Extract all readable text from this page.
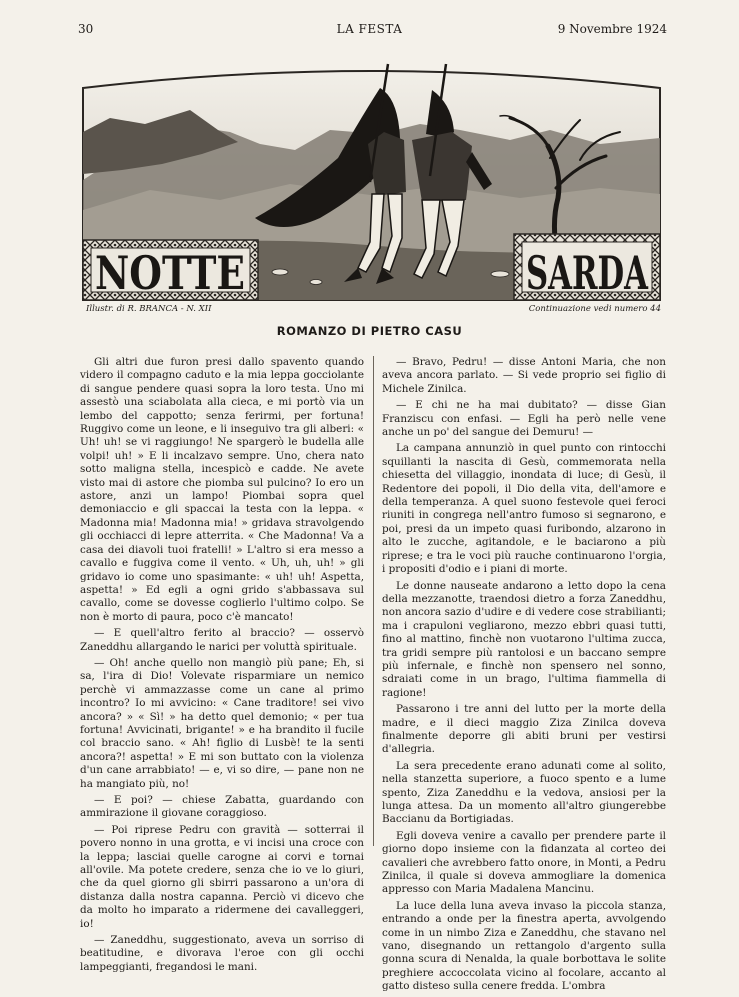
30	LA FESTA	9 Novembre 1924
NOTTE	SARDA
Illustr. di R. BRANCA - N. XII	Continuazione vedi numero 44
ROMANZO DI PIETRO CASU

Gli altri due furon presi dallo spavento quando videro il compagno caduto e la mia leppa gocciolante di sangue pendere quasi sopra la loro testa. Uno mi assestò una sciabolata alla cieca, e mi portò via un lembo del cappotto; senza ferirmi, per fortuna! Ruggivo come un leone, e li inseguivo tra gli alberi: « Uh! uh! se vi raggiungo! Ne spargerò le budella alle volpi! uh! » E li incalzavo sempre. Uno, chera nato sotto maligna stella, incespicò e cadde. Ne avete visto mai di astore che piomba sul pulcino? Io ero un astore, anzi un lampo! Piombai sopra quel demoniaccio e gli spaccai la testa con la leppa. « Madonna mia! Madonna mia! » gridava stravolgendo gli occhiacci di lepre atterrita. « Che Madonna! Va a casa dei diavoli tuoi fratelli! » L'altro si era messo a cavallo e fuggiva come il vento. « Uh, uh, uh! » gli gridavo io come uno spasimante: « uh! uh! Aspetta, aspetta! » Ed egli a ogni grido s'abbassava sul cavallo, come se dovesse coglierlo l'ultimo colpo. Se non è morto di paura, poco c'è mancato!

— E quell'altro ferito al braccio? — osservò Zaneddhu allargando le narici per voluttà spirituale.

— Oh! anche quello non mangiò più pane; Eh, si sa, l'ira di Dio! Volevate risparmiare un nemico perchè vi ammazzasse come un cane al primo incontro? Io mi avvicino: « Cane traditore! sei vivo ancora? » « Sì! » ha detto quel demonio; « per tua fortuna! Avvicinati, brigante! » e ha brandito il fucile col braccio sano. « Ah! figlio di Lusbè! te la senti ancora?! aspetta! » E mi son buttato con la violenza d'un cane arrabbiato! — e, vi so dire, — pane non ne ha mangiato più, no!

— E poi? — chiese Zabatta, guardando con ammirazione il giovane coraggioso.

— Poi riprese Pedru con gravità — sotterrai il povero nonno in una grotta, e vi incisi una croce con la leppa; lasciai quelle carogne ai corvi e tornai all'ovile. Ma potete credere, senza che io ve lo giuri, che da quel giorno gli sbirri passarono a un'ora di distanza dalla nostra capanna. Perciò vi dicevo che da molto ho imparato a ridermene dei cavalleggeri, io!

— Zaneddhu, suggestionato, aveva un sorriso di beatitudine, e divorava l'eroe con gli occhi lampeggianti, fregandosi le mani.

— Bravo, Pedru! — disse Antoni Maria, che non aveva ancora parlato. — Si vede proprio sei figlio di Michele Zinilca.

— E chi ne ha mai dubitato? — disse Gian Franziscu con enfasi. — Egli ha però nelle vene anche un po' del sangue dei Demuru! —

La campana annunziò in quel punto con rintocchi squillanti la nascita di Gesù, commemorata nella chiesetta del villaggio, inondata di luce; di Gesù, il Redentore dei popoli, il Dio della vita, dell'amore e della temperanza. A quel suono festevole quei feroci riuniti in congrega nell'antro fumoso si segnarono, e poi, presi da un impeto quasi furibondo, alzarono in alto le zucche, agitandole, e le baciarono a più riprese; e tra le voci più rauche continuarono l'orgia, i propositi d'odio e i piani di morte.

Le donne nauseate andarono a letto dopo la cena della mezzanotte, traendosi dietro a forza Zaneddhu, non ancora sazio d'udire e di vedere cose strabilianti; ma i crapuloni vegliarono, mezzo ebbri quasi tutti, fino al mattino, finchè non vuotarono l'ultima zucca, tra gridi sempre più rantolosi e un baccano sempre più infernale, e finchè non spensero nel sonno, sdraiati come in un brago, l'ultima fiammella di ragione!

Passarono i tre anni del lutto per la morte della madre, e il dieci maggio Ziza Zinilca doveva finalmente deporre gli abiti bruni per vestirsi d'allegria.

La sera precedente erano adunati come al solito, nella stanzetta superiore, a fuoco spento e a lume spento, Ziza Zaneddhu e la vedova, ansiosi per la lunga attesa. Da un momento all'altro giungerebbe Baccianu da Bortigiadas.

Egli doveva venire a cavallo per prendere parte il giorno dopo insieme con la fidanzata al corteo dei cavalieri che avrebbero fatto onore, in Monti, a Pedru Zinilca, il quale si doveva ammogliare la domenica appresso con Maria Madalena Mancinu.

La luce della luna aveva invaso la piccola stanza, entrando a onde per la finestra aperta, avvolgendo come in un nimbo Ziza e Zaneddhu, che stavano nel vano, disegnando un rettangolo d'argento sulla gonna scura di Nenalda, la quale borbottava le solite preghiere accoccolata vicino al focolare, accanto al gatto disteso sulla cenere fredda. L'ombra
